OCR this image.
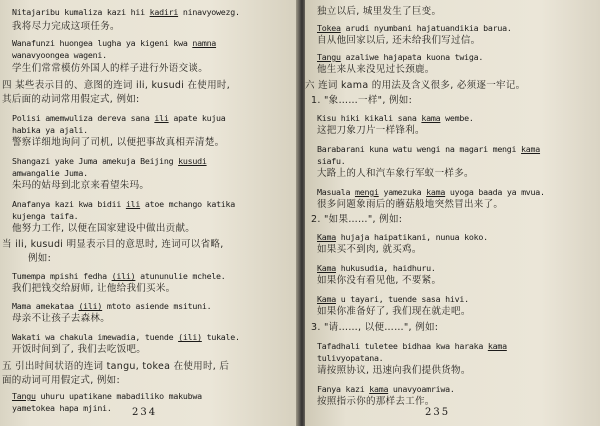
Nitajaribu kumaliza kazi hii kadiri ninavyowezg.
我将尽力完成这项任务。
Wanafunzi huongea lugha ya kigeni kwa namna
wanavyoongea wageni.
学生们常常模仿外国人的样子进行外语交谈。
四 某些表示目的、意图的连词 ili, kusudi 在使用时,
其后面的动词常用假定式, 例如:
Polisi amemwuliza dereva sana ili apate kujua
habika ya ajali.
警察详细地询问了司机, 以便把事故真相弄清楚。
Shangazi yake Juma amekuja Beijing kusudi
amwangalie Juma.
朱玛的姑母到北京来看望朱玛。
Anafanya kazi kwa bidii ili atoe mchango katika
kujenga taifa.
他努力工作, 以便在国家建设中做出贡献。
当 ili, kusudi 明显表示目的意思时, 连词可以省略,
例如:
Tumempa mpishi fedha (ili) atununulie mchele.
我们把钱交给厨师, 让他给我们买米。
Mama amekataa (ili) mtoto asiende msituni.
母亲不让孩子去森林。
Wakati wa chakula imewadia, tuende (ili) tukale.
开饭时间到了, 我们去吃饭吧。
五 引出时间状语的连词 tangu, tokea 在使用时, 后
面的动词可用假定式, 例如:
Tangu uhuru upatikane mabadiliko makubwa
yametokea hapa mjini. 234
独立以后, 城里发生了巨变。
Tokea arudi nyumbani hajatuandikia barua.
自从他回家以后, 还未给我们写过信。
Tangu azaliwe hajapata kuona twiga.
他生来从来没见过长颈鹿。
六 连词 kama 的用法及含义很多, 必须逐一牢记。
1. "象……一样", 例如:
Kisu hiki kikali sana kama wembe.
这把刀象刀片一样锋利。
Barabarani kuna watu wengi na magari mengi kama
siafu.
大路上的人和汽车象行军蚁一样多。
Masuala mengi yamezuka kama uyoga baada ya mvua.
很多问题象雨后的蘑菇般地突然冒出来了。
2. "如果……", 例如:
Kama hujaja haipatikani, nunua koko.
如果买不到肉, 就买鸡。
Kama hukusudia, haidhuru.
如果你没有看见他, 不要紧。
Kama u tayari, tuende sasa hivi.
如果你准备好了, 我们现在就走吧。
3. "请……, 以便……", 例如:
Tafadhali tuletee bidhaa kwa haraka kama
tulivyopatana.
请按照协议, 迅速向我们提供货物。
Fanya kazi kama unavyoamriwa.
按照指示你的那样去工作。
235
